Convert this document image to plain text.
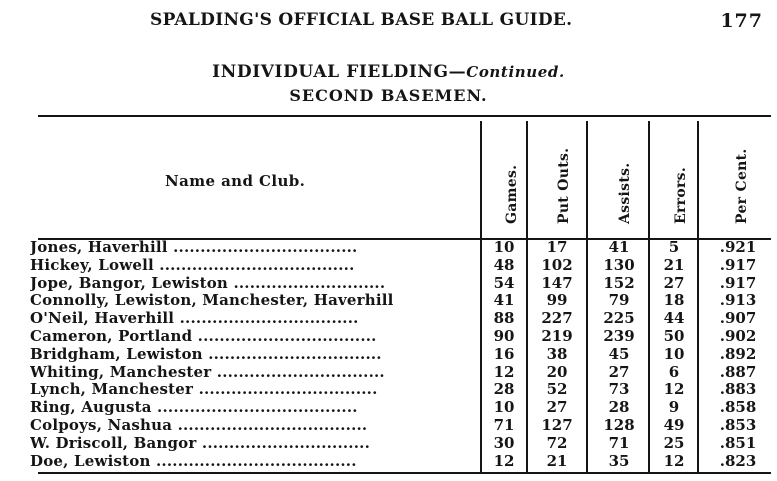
SPALDING'S OFFICIAL BASE BALL GUIDE.	177
INDIVIDUAL FIELDING—Continued.
SECOND BASEMEN.
Name and Club.	Games.	Put Outs.	Assists.	Errors.	Per Cent.
Jones, Haverhill ..................................	10	17	41	5	.921
Hickey, Lowell ....................................	48	102	130	21	.917
Jope, Bangor, Lewiston ............................	54	147	152	27	.917
Connolly, Lewiston, Manchester, Haverhill	41	99	79	18	.913
O'Neil, Haverhill .................................	88	227	225	44	.907
Cameron, Portland .................................	90	219	239	50	.902
Bridgham, Lewiston ................................	16	38	45	10	.892
Whiting, Manchester ...............................	12	20	27	6	.887
Lynch, Manchester .................................	28	52	73	12	.883
Ring, Augusta .....................................	10	27	28	9	.858
Colpoys, Nashua ...................................	71	127	128	49	.853
W. Driscoll, Bangor ...............................	30	72	71	25	.851
Doe, Lewiston .....................................	12	21	35	12	.823
